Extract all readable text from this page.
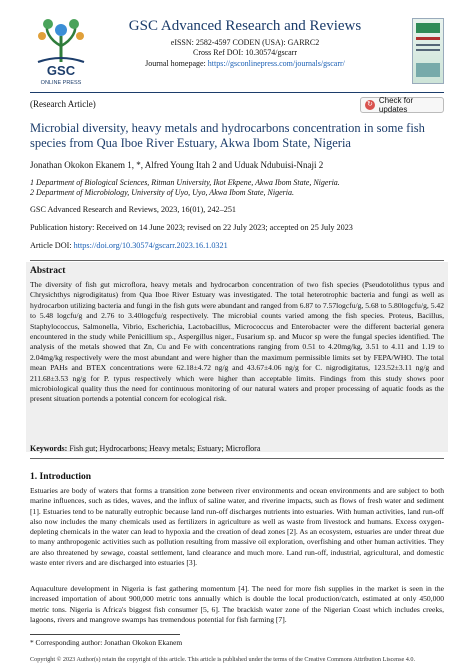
GSC
ONLINE PRESS
GSC Advanced Research and Reviews
eISSN: 2582-4597 CODEN (USA): GARRC2
Cross Ref DOI: 10.30574/gscarr
Journal homepage: https://gsconlinepress.com/journals/gscarr/
(Research Article)	↻ Check for updates
Microbial diversity, heavy metals and hydrocarbons concentration in some fish species from Qua Iboe River Estuary, Akwa Ibom State, Nigeria
Jonathan Okokon Ekanem 1, *, Alfred Young Itah 2 and Uduak Ndubuisi-Nnaji 2
1 Department of Biological Sciences, Ritman University, Ikot Ekpene, Akwa Ibom State, Nigeria.
2 Department of Microbiology, University of Uyo, Uyo, Akwa Ibom State, Nigeria.
GSC Advanced Research and Reviews, 2023, 16(01), 242–251
Publication history: Received on 14 June 2023; revised on 22 July 2023; accepted on 25 July 2023
Article DOI: https://doi.org/10.30574/gscarr.2023.16.1.0321
Abstract
The diversity of fish gut microflora, heavy metals and hydrocarbon concentration of two fish species (Pseudotolithus typus and Chrysichthys nigrodigitatus) from Qua Iboe River Estuary was investigated. The total heterotrophic bacteria and fungi as well as hydrocarbon utilizing bacteria and fungi in the fish guts were abundant and ranged from 6.87 to 7.57logcfu/g, 5.68 to 5.80logcfu/g, 5.42 to 5.48 logcfu/g and 2.76 to 3.40logcfu/g respectively. The microbial counts varied among the fish species. Proteus, Bacillus, Staphylococcus, Salmonella, Vibrio, Escherichia, Lactobacillus, Micrococcus and Enterobacter were the different bacterial genera encountered in the study while Penicillium sp., Aspergillus niger., Fusarium sp. and Mucor sp were the fungal species identified. The analysis of the metals showed that Zn, Cu and Fe with concentrations ranging from 0.51 to 4.20mg/kg, 3.51 to 4.11 and 1.19 to 2.04mg/kg respectively were the most abundant and were higher than the maximum permissible limits set by FEPA/WHO. The total mean PAHs and BTEX concentrations were 62.18±4.72 ng/g and 43.67±4.06 ng/g for C. nigrodigitatus, 123.52±3.11 ng/g and 211.68±3.53 ng/g for P. typus respectively which were higher than acceptable limits. Findings from this study shows poor microbiological quality thus the need for continuous monitoring of our natural waters and proper processing of aquatic foods as the present situation portends a potential concern for ecological risk.
Keywords: Fish gut; Hydrocarbons; Heavy metals; Estuary; Microflora
1. Introduction
Estuaries are body of waters that forms a transition zone between river environments and ocean environments and are subject to both marine influences, such as tides, waves, and the influx of saline water, and riverine impacts, such as flows of fresh water and sediment [1]. Estuaries tend to be naturally eutrophic because land run-off discharges nutrients into estuaries. With human activities, land run-off also now includes the many chemicals used as fertilizers in agriculture as well as waste from livestock and humans. Excess oxygen-depleting chemicals in the water can lead to hypoxia and the creation of dead zones [2]. As an ecosystem, estuaries are under threat due to many anthropogenic activities such as pollution resulting from massive oil exploration, overfishing and other human activities. They are also threatened by sewage, coastal settlement, land clearance and much more. Land run-off, industrial, agricultural, and domestic waste enter rivers and are discharged into estuaries [3].
Aquaculture development in Nigeria is fast gathering momentum [4]. The need for more fish supplies in the market is seen in the increased importation of about 900,000 metric tons annually which is double the local production/catch, estimated at only 450,000 metric tons. Nigeria is Africa's biggest fish consumer [5, 6]. The brackish water zone of the Nigerian Coast which includes creeks, lagoons, rivers and mangrove swamps has tremendous potential for fish farming [7].
* Corresponding author: Jonathan Okokon Ekanem
Copyright © 2023 Author(s) retain the copyright of this article. This article is published under the terms of the Creative Commons Attribution Liscense 4.0.
